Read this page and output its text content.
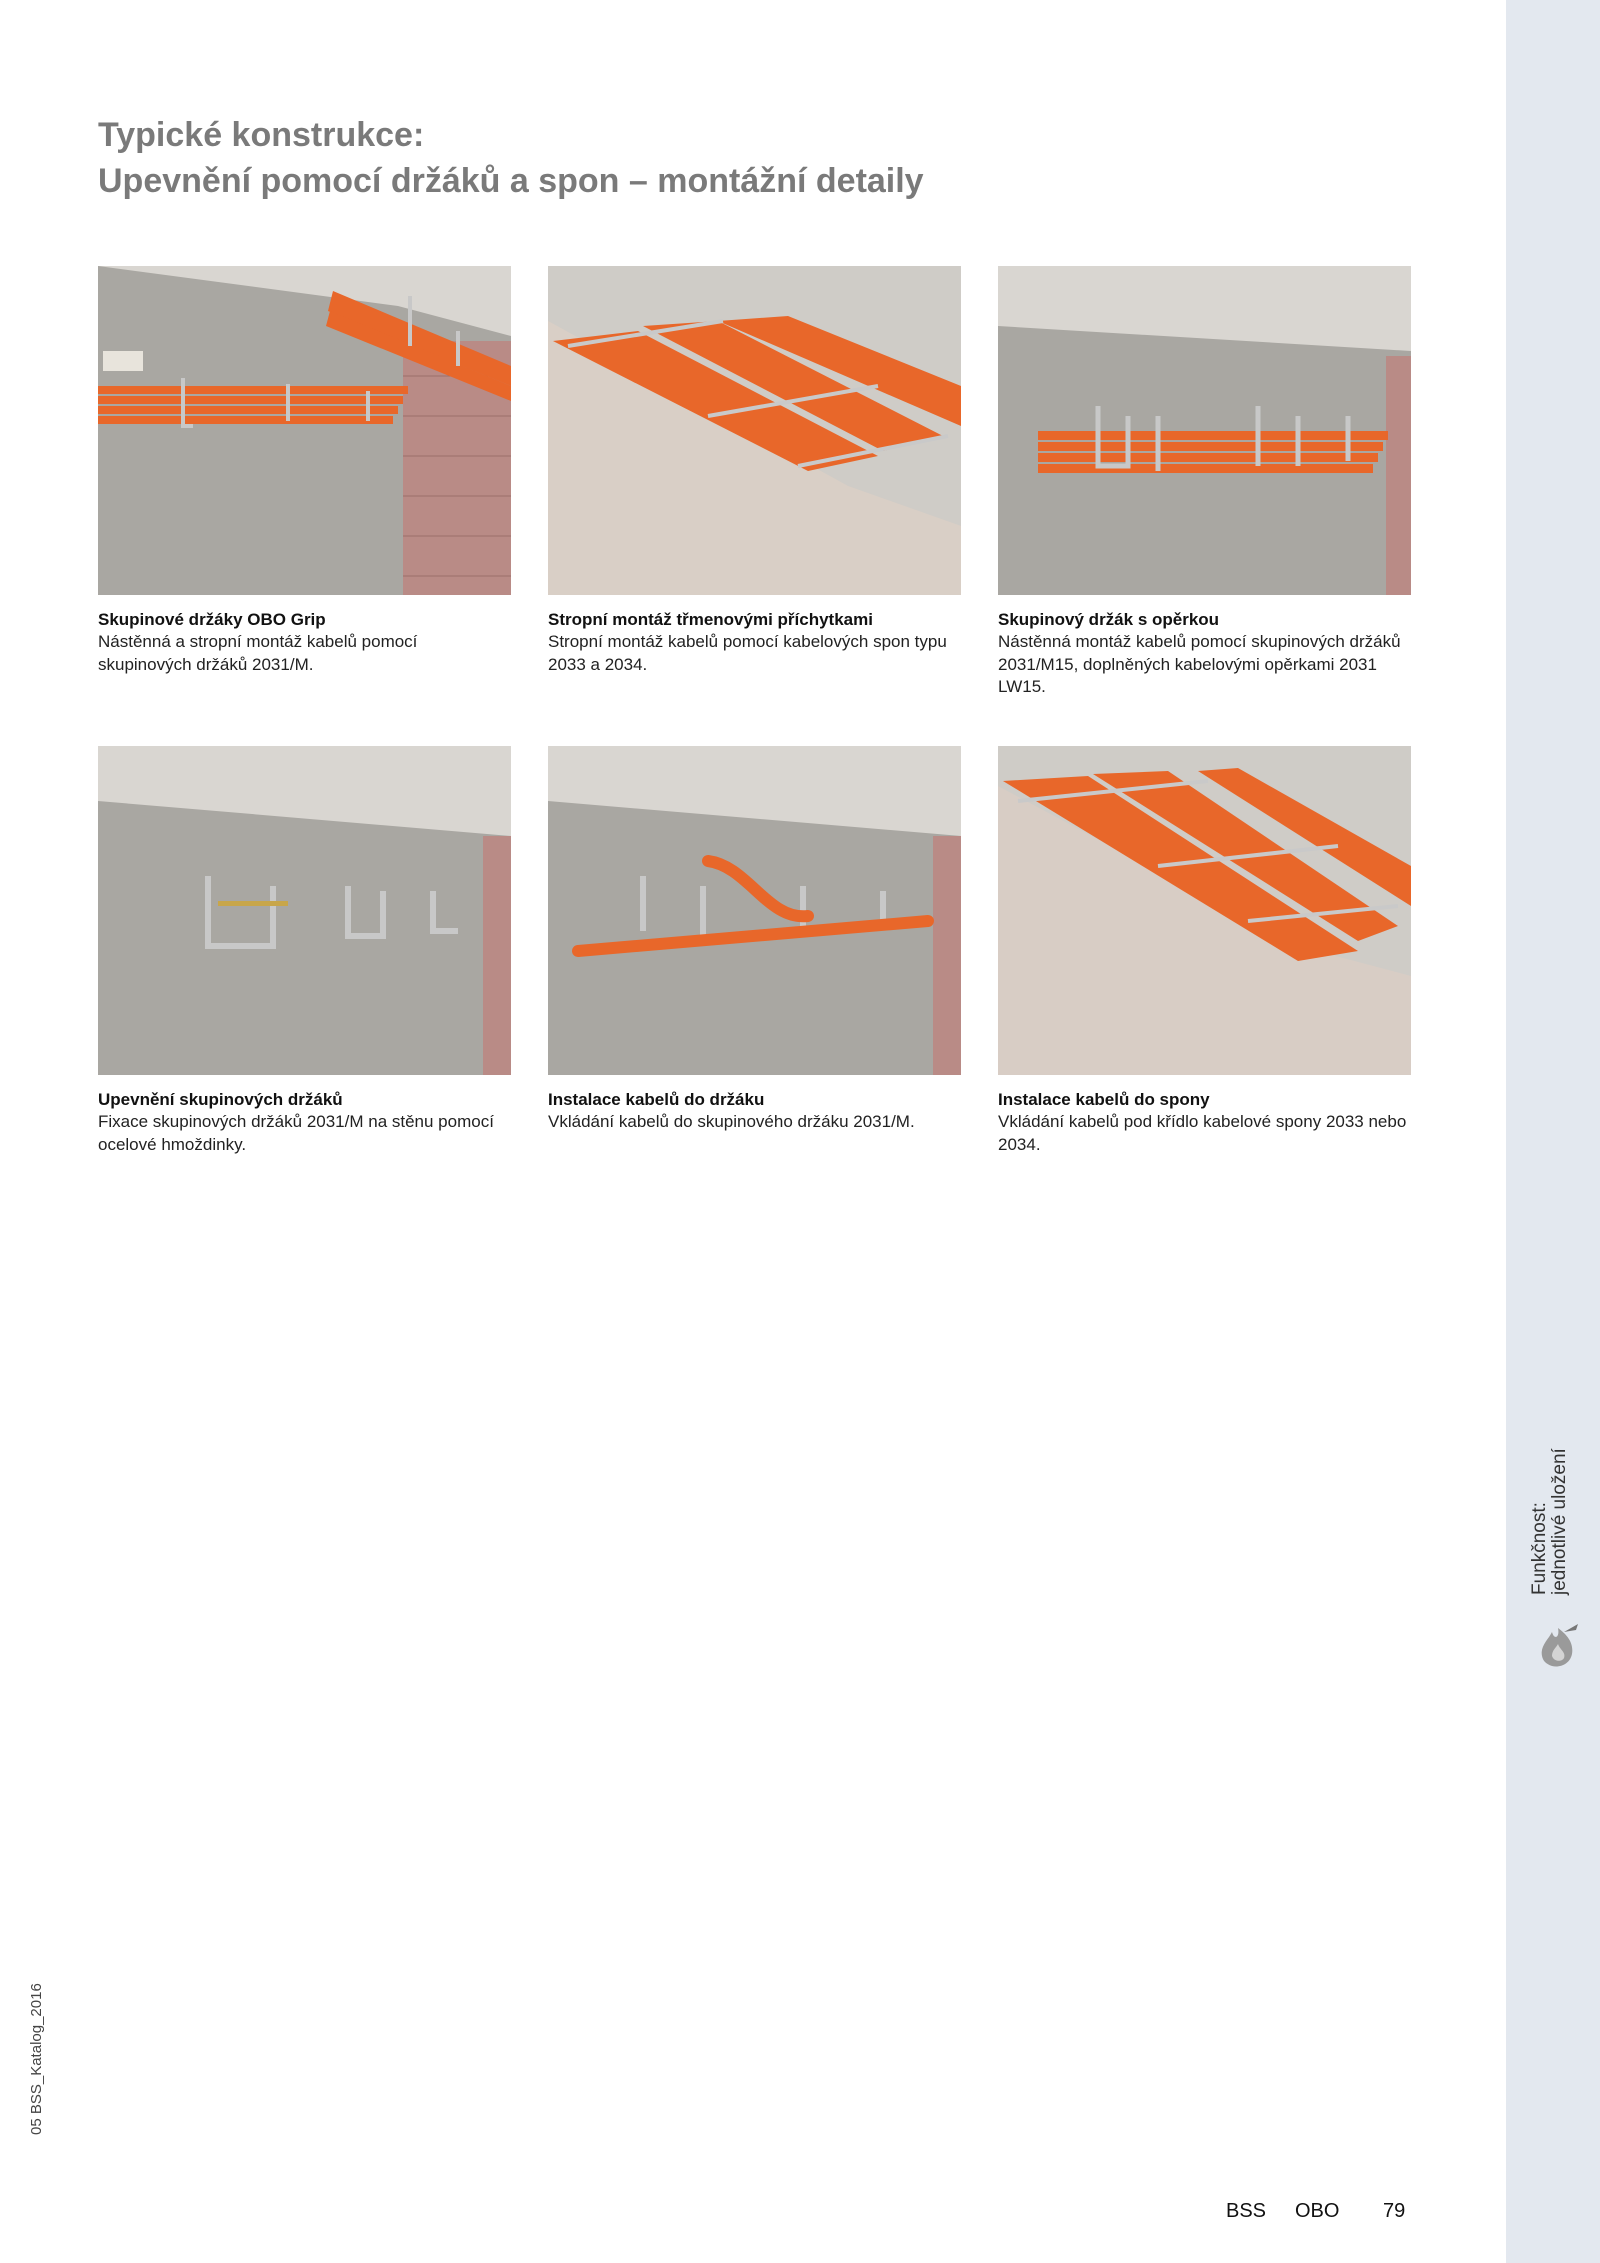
Funkčnost: jednotlivé uložení
Typické konstrukce:
Upevnění pomocí držáků a spon – montážní detaily
Skupinové držáky OBO Grip
Nástěnná a stropní montáž kabelů pomocí skupinových držáků 2031/M.
Stropní montáž třmenovými příchytkami
Stropní montáž kabelů pomocí kabelových spon typu 2033 a 2034.
Skupinový držák s opěrkou
Nástěnná montáž kabelů pomocí skupinových držáků 2031/M15, doplněných kabelovými opěrkami 2031 LW15.
Upevnění skupinových držáků
Fixace skupinových držáků 2031/M na stěnu pomocí ocelové hmoždinky.
Instalace kabelů do držáku
Vkládání kabelů do skupinového držáku 2031/M.
Instalace kabelů do spony
Vkládání kabelů pod křídlo kabelové spony 2033 nebo 2034.
05 BSS_Katalog_2016
BSS OBO 79
